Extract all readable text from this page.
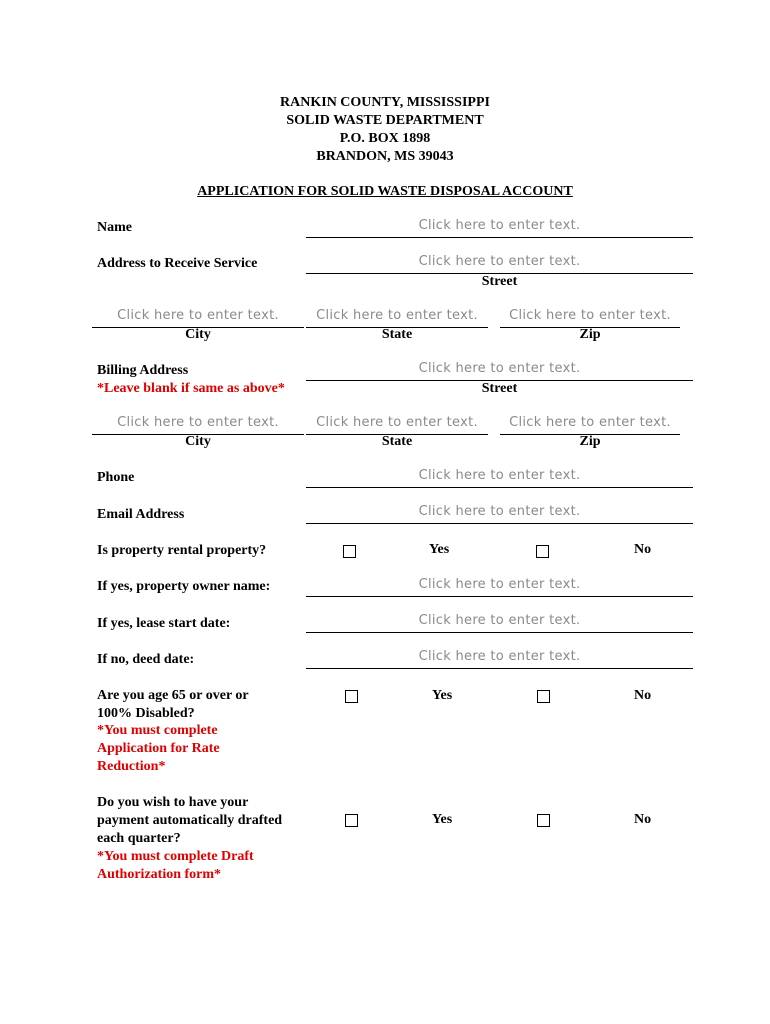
RANKIN COUNTY, MISSISSIPPI
SOLID WASTE DEPARTMENT
P.O. BOX 1898
BRANDON, MS 39043
APPLICATION FOR SOLID WASTE DISPOSAL ACCOUNT
Name	Click here to enter text.
Address to Receive Service	Click here to enter text.
Street
Click here to enter text.	Click here to enter text.	Click here to enter text.
City	State	Zip
Billing Address
*Leave blank if same as above*
Click here to enter text.
Street
Click here to enter text.	Click here to enter text.	Click here to enter text.
City	State	Zip
Phone	Click here to enter text.
Email Address	Click here to enter text.
Is property rental property?	Yes	No
If yes, property owner name:	Click here to enter text.
If yes, lease start date:	Click here to enter text.
If no, deed date:	Click here to enter text.
Are you age 65 or over or
100% Disabled?
*You must complete
Application for Rate
Reduction*
Yes	No
Do you wish to have your
payment automatically drafted
each quarter?
*You must complete Draft
Authorization form*
Yes	No
